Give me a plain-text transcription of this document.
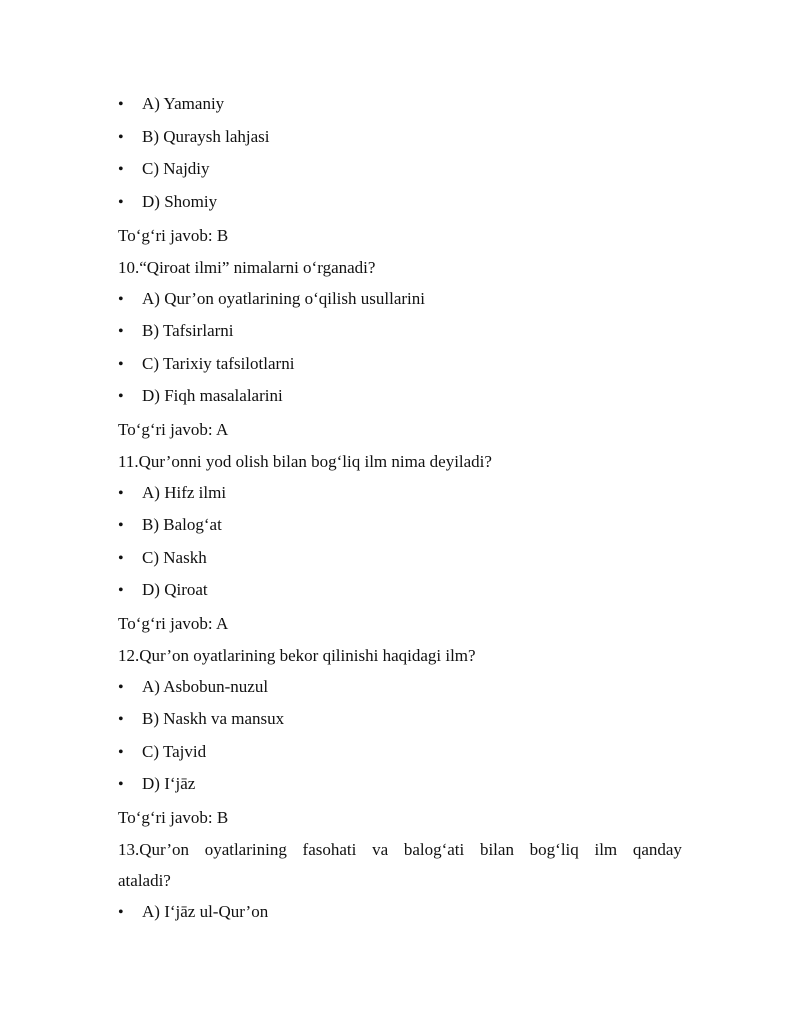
• A) Yamaniy
• B) Quraysh lahjasi
• C) Najdiy
• D) Shomiy
To‘g‘ri javob: B
10.“Qiroat ilmi” nimalarni o‘rganadi?
• A) Qur’on oyatlarining o‘qilish usullarini
• B) Tafsirlarni
• C) Tarixiy tafsilotlarni
• D) Fiqh masalalarini
To‘g‘ri javob: A
11.Qur’onni yod olish bilan bog‘liq ilm nima deyiladi?
• A) Hifz ilmi
• B) Balog‘at
• C) Naskh
• D) Qiroat
To‘g‘ri javob: A
12.Qur’on oyatlarining bekor qilinishi haqidagi ilm?
• A) Asbobun-nuzul
• B) Naskh va mansux
• C) Tajvid
• D) I‘jāz
To‘g‘ri javob: B
13.Qur’on oyatlarining fasohati va balog‘ati bilan bog‘liq ilm qanday
ataladi?
• A) I‘jāz ul-Qur’on
